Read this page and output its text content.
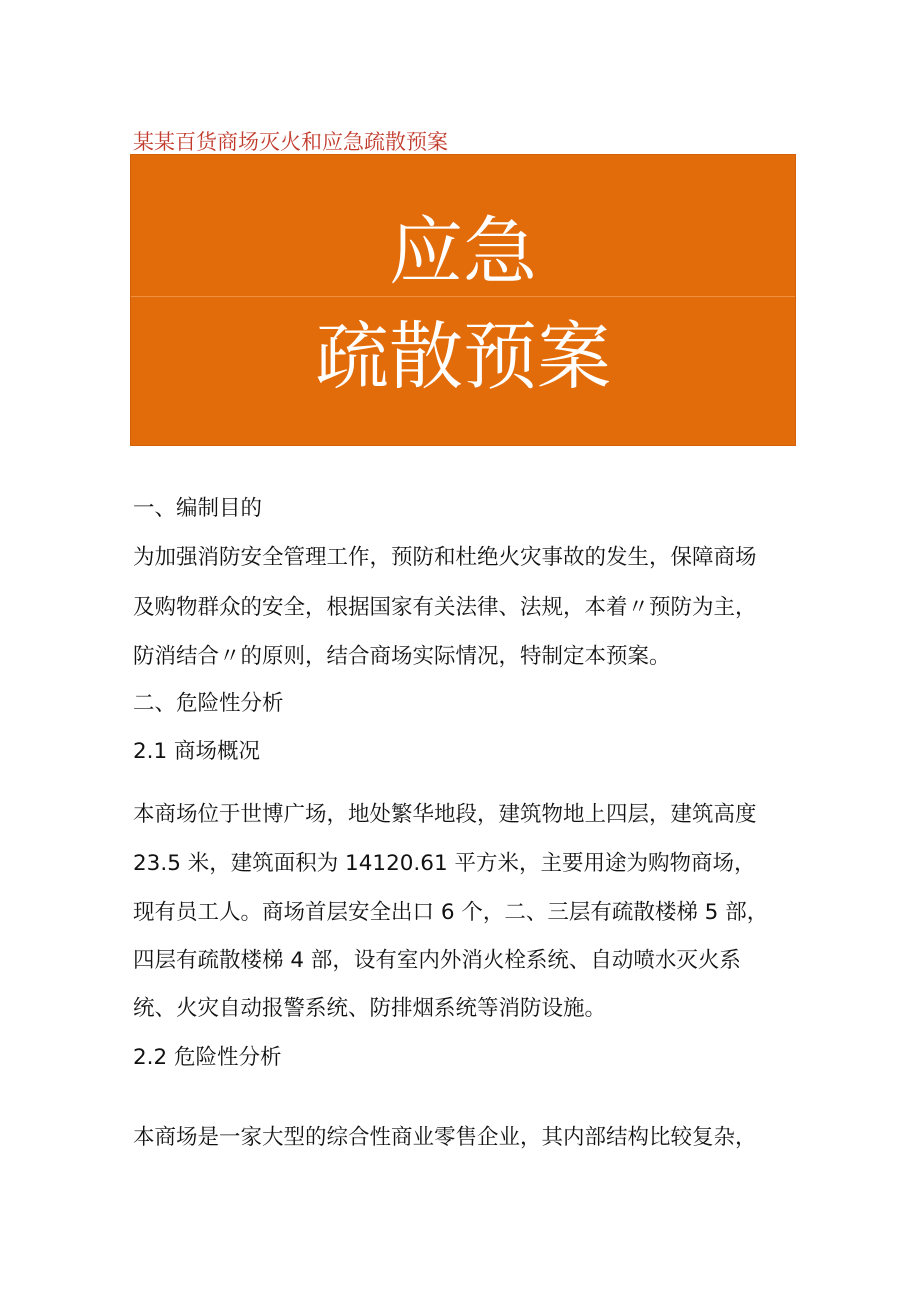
某某百货商场灭火和应急疏散预案
应急
疏散预案
一、编制目的
为加强消防安全管理工作，预防和杜绝火灾事故的发生，保障商场
及购物群众的安全，根据国家有关法律、法规，本着〃预防为主，
防消结合〃的原则，结合商场实际情况，特制定本预案。
二、危险性分析
2.1 商场概况
本商场位于世博广场，地处繁华地段，建筑物地上四层，建筑高度
23.5 米，建筑面积为 14120.61 平方米，主要用途为购物商场，
现有员工人。商场首层安全出口 6 个，二、三层有疏散楼梯 5 部，
四层有疏散楼梯 4 部，设有室内外消火栓系统、自动喷水灭火系
统、火灾自动报警系统、防排烟系统等消防设施。
2.2 危险性分析
本商场是一家大型的综合性商业零售企业，其内部结构比较复杂，
